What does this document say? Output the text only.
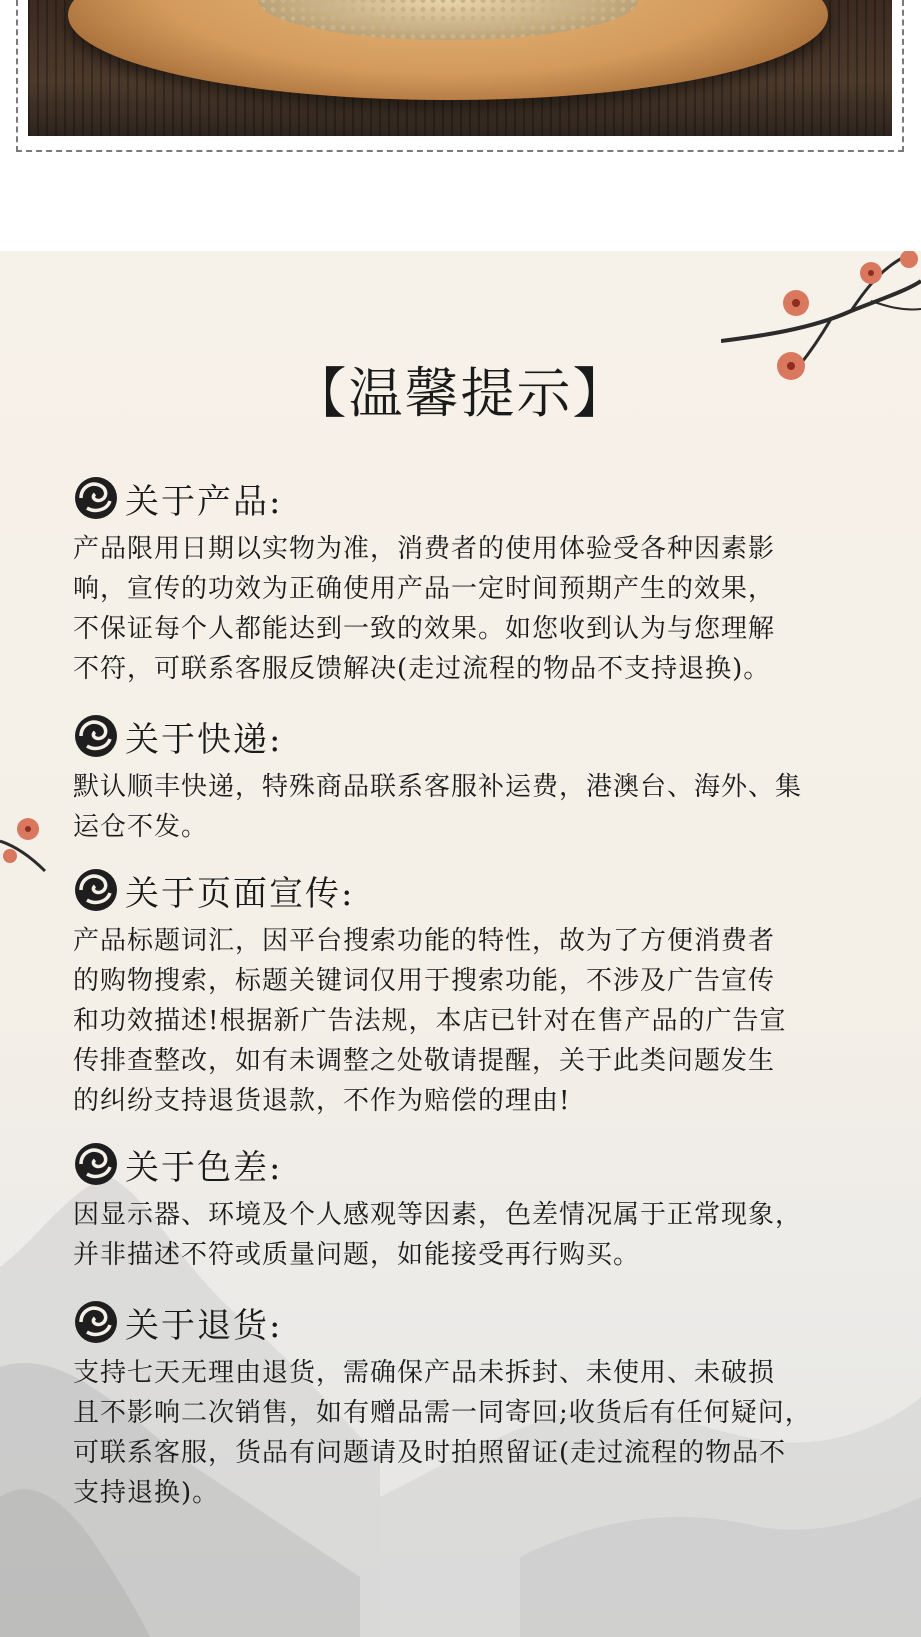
【温馨提示】
关于产品:
产品限用日期以实物为准，消费者的使用体验受各种因素影
响，宣传的功效为正确使用产品一定时间预期产生的效果，
不保证每个人都能达到一致的效果。如您收到认为与您理解
不符，可联系客服反馈解决(走过流程的物品不支持退换)。
关于快递:
默认顺丰快递，特殊商品联系客服补运费，港澳台、海外、集
运仓不发。
关于页面宣传:
产品标题词汇，因平台搜索功能的特性，故为了方便消费者
的购物搜索，标题关键词仅用于搜索功能，不涉及广告宣传
和功效描述!根据新广告法规，本店已针对在售产品的广告宣
传排查整改，如有未调整之处敬请提醒，关于此类问题发生
的纠纷支持退货退款，不作为赔偿的理由!
关于色差:
因显示器、环境及个人感观等因素，色差情况属于正常现象，
并非描述不符或质量问题，如能接受再行购买。
关于退货:
支持七天无理由退货，需确保产品未拆封、未使用、未破损
且不影响二次销售，如有赠品需一同寄回;收货后有任何疑问，
可联系客服，货品有问题请及时拍照留证(走过流程的物品不
支持退换)。
